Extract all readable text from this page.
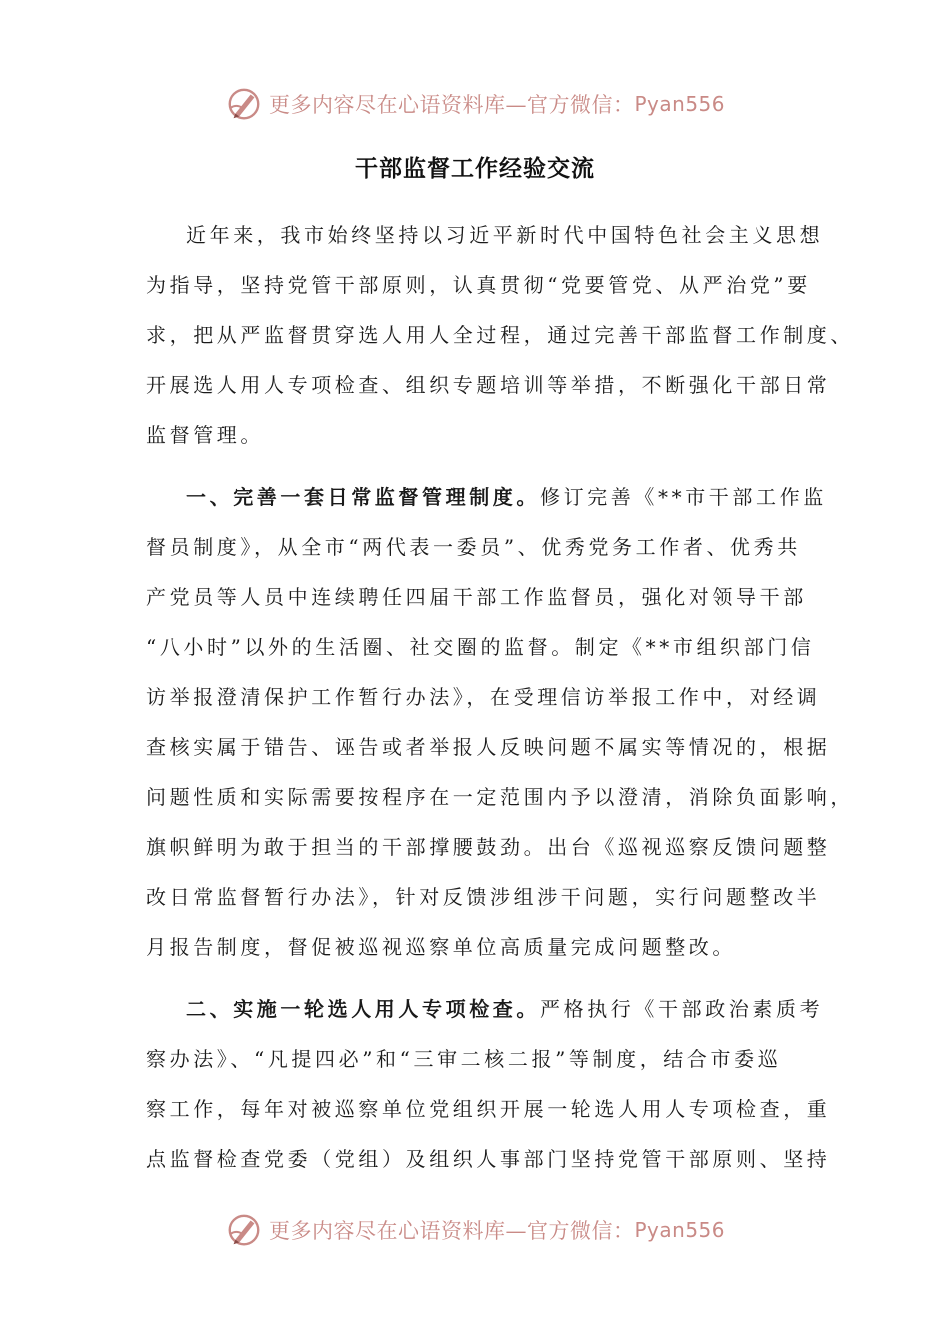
更多内容尽在心语资料库—官方微信： Pyan556
干部监督工作经验交流
近年来，我市始终坚持以习近平新时代中国特色社会主义思想
为指导，坚持党管干部原则，认真贯彻“党要管党、从严治党”要
求，把从严监督贯穿选人用人全过程，通过完善干部监督工作制度、
开展选人用人专项检查、组织专题培训等举措，不断强化干部日常
监督管理。
一、完善一套日常监督管理制度。修订完善《**市干部工作监
督员制度》，从全市“两代表一委员”、优秀党务工作者、优秀共
产党员等人员中连续聘任四届干部工作监督员，强化对领导干部
“八小时”以外的生活圈、社交圈的监督。制定《**市组织部门信
访举报澄清保护工作暂行办法》，在受理信访举报工作中，对经调
查核实属于错告、诬告或者举报人反映问题不属实等情况的，根据
问题性质和实际需要按程序在一定范围内予以澄清，消除负面影响，
旗帜鲜明为敢于担当的干部撑腰鼓劲。出台《巡视巡察反馈问题整
改日常监督暂行办法》，针对反馈涉组涉干问题，实行问题整改半
月报告制度，督促被巡视巡察单位高质量完成问题整改。
二、实施一轮选人用人专项检查。严格执行《干部政治素质考
察办法》、“凡提四必”和“三审二核二报”等制度，结合市委巡
察工作，每年对被巡察单位党组织开展一轮选人用人专项检查，重
点监督检查党委（党组）及组织人事部门坚持党管干部原则、坚持
更多内容尽在心语资料库—官方微信： Pyan556
